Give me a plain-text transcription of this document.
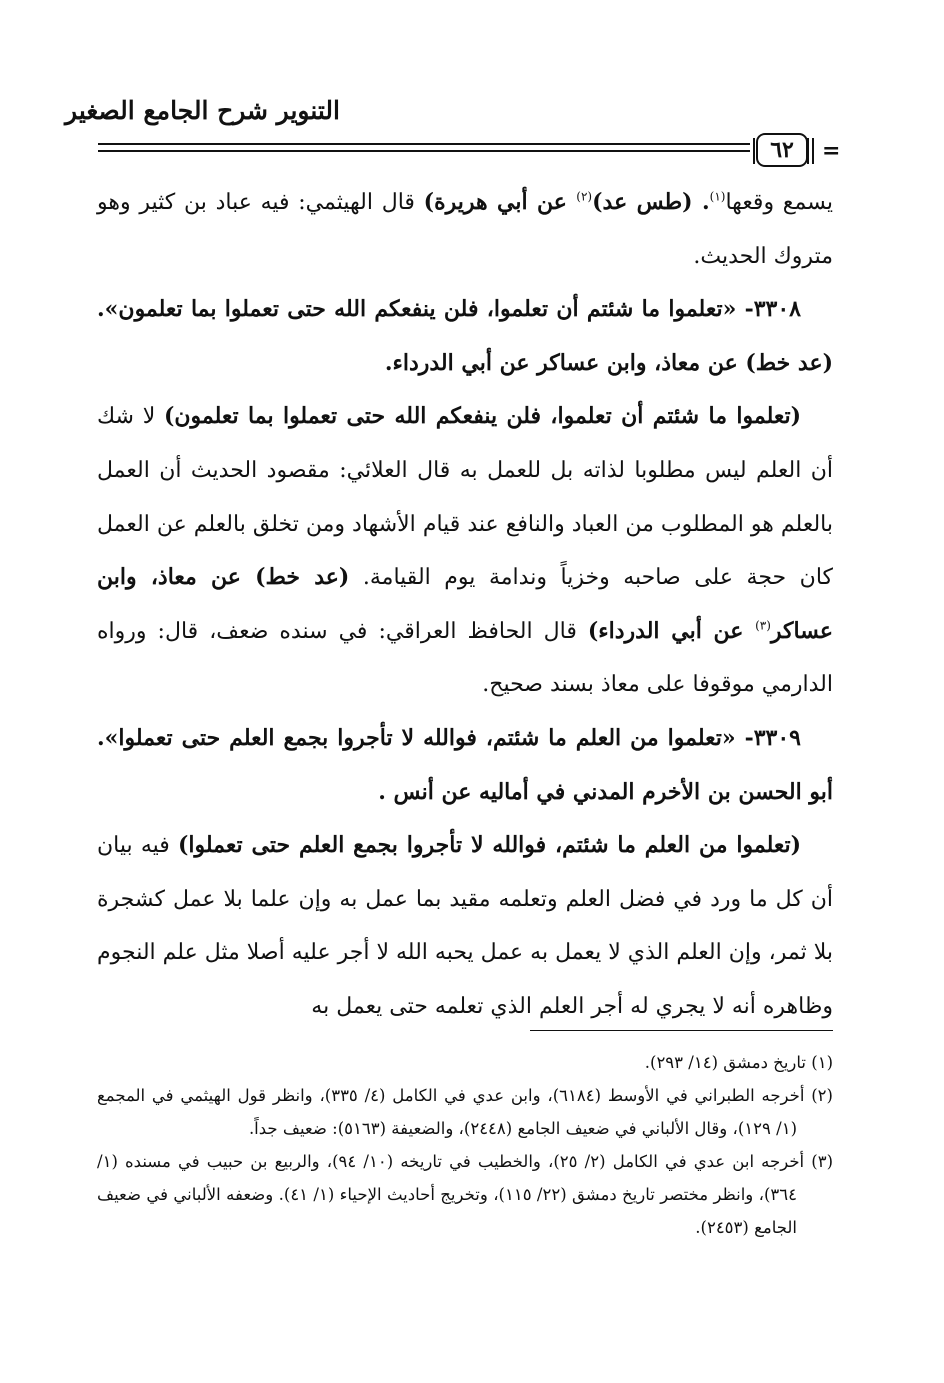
التنوير شرح الجامع الصغير
٦٢	=

يسمع وقعها$^{(١)}$. (طس عد)$^{(٢)}$ عن أبي هريرة) قال الهيثمي: فيه عباد بن كثير وهو متروك الحديث.

٣٣٠٨- «تعلموا ما شئتم أن تعلموا، فلن ينفعكم الله حتى تعملوا بما تعلمون». (عد خط) عن معاذ، وابن عساكر عن أبي الدرداء.

(تعلموا ما شئتم أن تعلموا، فلن ينفعكم الله حتى تعملوا بما تعلمون) لا شك أن العلم ليس مطلوبا لذاته بل للعمل به قال العلائي: مقصود الحديث أن العمل بالعلم هو المطلوب من العباد والنافع عند قيام الأشهاد ومن تخلق بالعلم عن العمل كان حجة على صاحبه وخزياً وندامة يوم القيامة. (عد خط) عن معاذ، وابن عساكر$^{(٣)}$ عن أبي الدرداء) قال الحافظ العراقي: في سنده ضعف، قال: ورواه الدارمي موقوفا على معاذ بسند صحيح.

٣٣٠٩- «تعلموا من العلم ما شئتم، فوالله لا تأجروا بجمع العلم حتى تعملوا». أبو الحسن بن الأخرم المدني في أماليه عن أنس .

(تعلموا من العلم ما شئتم، فوالله لا تأجروا بجمع العلم حتى تعملوا) فيه بيان أن كل ما ورد في فضل العلم وتعلمه مقيد بما عمل به وإن علما بلا عمل كشجرة بلا ثمر، وإن العلم الذي لا يعمل به عمل يحبه الله لا أجر عليه أصلا مثل علم النجوم وظاهره أنه لا يجري له أجر العلم الذي تعلمه حتى يعمل به

(١) تاريخ دمشق (١٤/ ٢٩٣).

(٢) أخرجه الطبراني في الأوسط (٦١٨٤)، وابن عدي في الكامل (٤/ ٣٣٥)، وانظر قول الهيثمي في المجمع (١/ ١٢٩)، وقال الألباني في ضعيف الجامع (٢٤٤٨)، والضعيفة (٥١٦٣): ضعيف جداً.

(٣) أخرجه ابن عدي في الكامل (٢/ ٢٥)، والخطيب في تاريخه (١٠/ ٩٤)، والربيع بن حبيب في مسنده (١/ ٣٦٤)، وانظر مختصر تاريخ دمشق (٢٢/ ١١٥)، وتخريج أحاديث الإحياء (١/ ٤١). وضعفه الألباني في ضعيف الجامع (٢٤٥٣).
